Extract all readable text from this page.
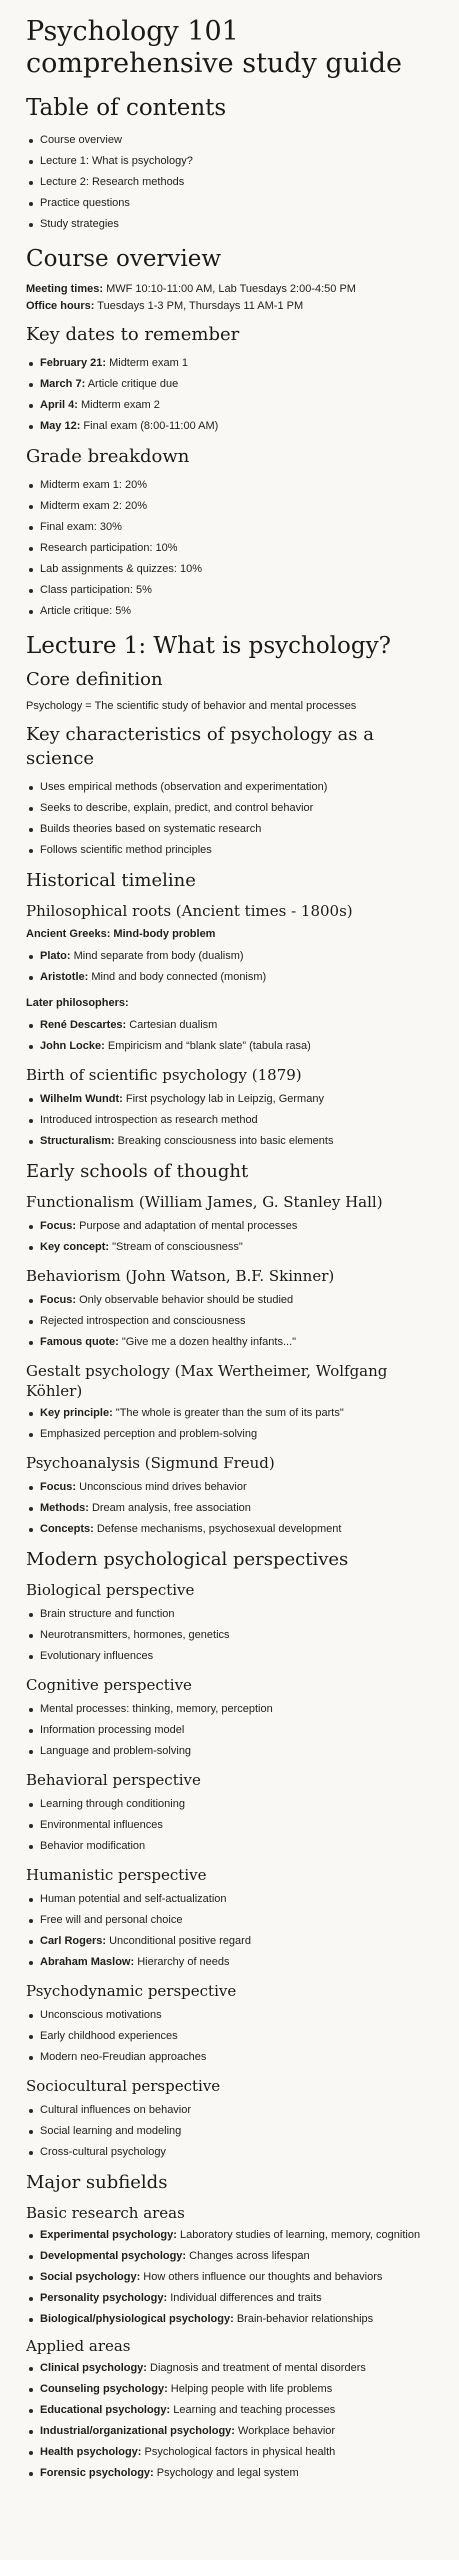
Psychology 101 comprehensive study guide
Table of contents
Course overview
Lecture 1: What is psychology?
Lecture 2: Research methods
Practice questions
Study strategies
Course overview

Meeting times: MWF 10:10-11:00 AM, Lab Tuesdays 2:00-4:50 PM

Office hours: Tuesdays 1-3 PM, Thursdays 11 AM-1 PM

Key dates to remember
February 21: Midterm exam 1
March 7: Article critique due
April 4: Midterm exam 2
May 12: Final exam (8:00-11:00 AM)
Grade breakdown
Midterm exam 1: 20%
Midterm exam 2: 20%
Final exam: 30%
Research participation: 10%
Lab assignments & quizzes: 10%
Class participation: 5%
Article critique: 5%
Lecture 1: What is psychology?
Core definition

Psychology = The scientific study of behavior and mental processes

Key characteristics of psychology as a science
Uses empirical methods (observation and experimentation)
Seeks to describe, explain, predict, and control behavior
Builds theories based on systematic research
Follows scientific method principles
Historical timeline
Philosophical roots (Ancient times - 1800s)
Ancient Greeks: Mind-body problem
Plato: Mind separate from body (dualism)
Aristotle: Mind and body connected (monism)
Later philosophers:
René Descartes: Cartesian dualism
John Locke: Empiricism and “blank slate” (tabula rasa)
Birth of scientific psychology (1879)
Wilhelm Wundt: First psychology lab in Leipzig, Germany
Introduced introspection as research method
Structuralism: Breaking consciousness into basic elements
Early schools of thought
Functionalism (William James, G. Stanley Hall)
Focus: Purpose and adaptation of mental processes
Key concept: "Stream of consciousness"
Behaviorism (John Watson, B.F. Skinner)
Focus: Only observable behavior should be studied
Rejected introspection and consciousness
Famous quote: "Give me a dozen healthy infants..."
Gestalt psychology (Max Wertheimer, Wolfgang Köhler)
Key principle: "The whole is greater than the sum of its parts"
Emphasized perception and problem-solving
Psychoanalysis (Sigmund Freud)
Focus: Unconscious mind drives behavior
Methods: Dream analysis, free association
Concepts: Defense mechanisms, psychosexual development
Modern psychological perspectives
Biological perspective
Brain structure and function
Neurotransmitters, hormones, genetics
Evolutionary influences
Cognitive perspective
Mental processes: thinking, memory, perception
Information processing model
Language and problem-solving
Behavioral perspective
Learning through conditioning
Environmental influences
Behavior modification
Humanistic perspective
Human potential and self-actualization
Free will and personal choice
Carl Rogers: Unconditional positive regard
Abraham Maslow: Hierarchy of needs
Psychodynamic perspective
Unconscious motivations
Early childhood experiences
Modern neo-Freudian approaches
Sociocultural perspective
Cultural influences on behavior
Social learning and modeling
Cross-cultural psychology
Major subfields
Basic research areas
Experimental psychology: Laboratory studies of learning, memory, cognition
Developmental psychology: Changes across lifespan
Social psychology: How others influence our thoughts and behaviors
Personality psychology: Individual differences and traits
Biological/physiological psychology: Brain-behavior relationships
Applied areas
Clinical psychology: Diagnosis and treatment of mental disorders
Counseling psychology: Helping people with life problems
Educational psychology: Learning and teaching processes
Industrial/organizational psychology: Workplace behavior
Health psychology: Psychological factors in physical health
Forensic psychology: Psychology and legal system
